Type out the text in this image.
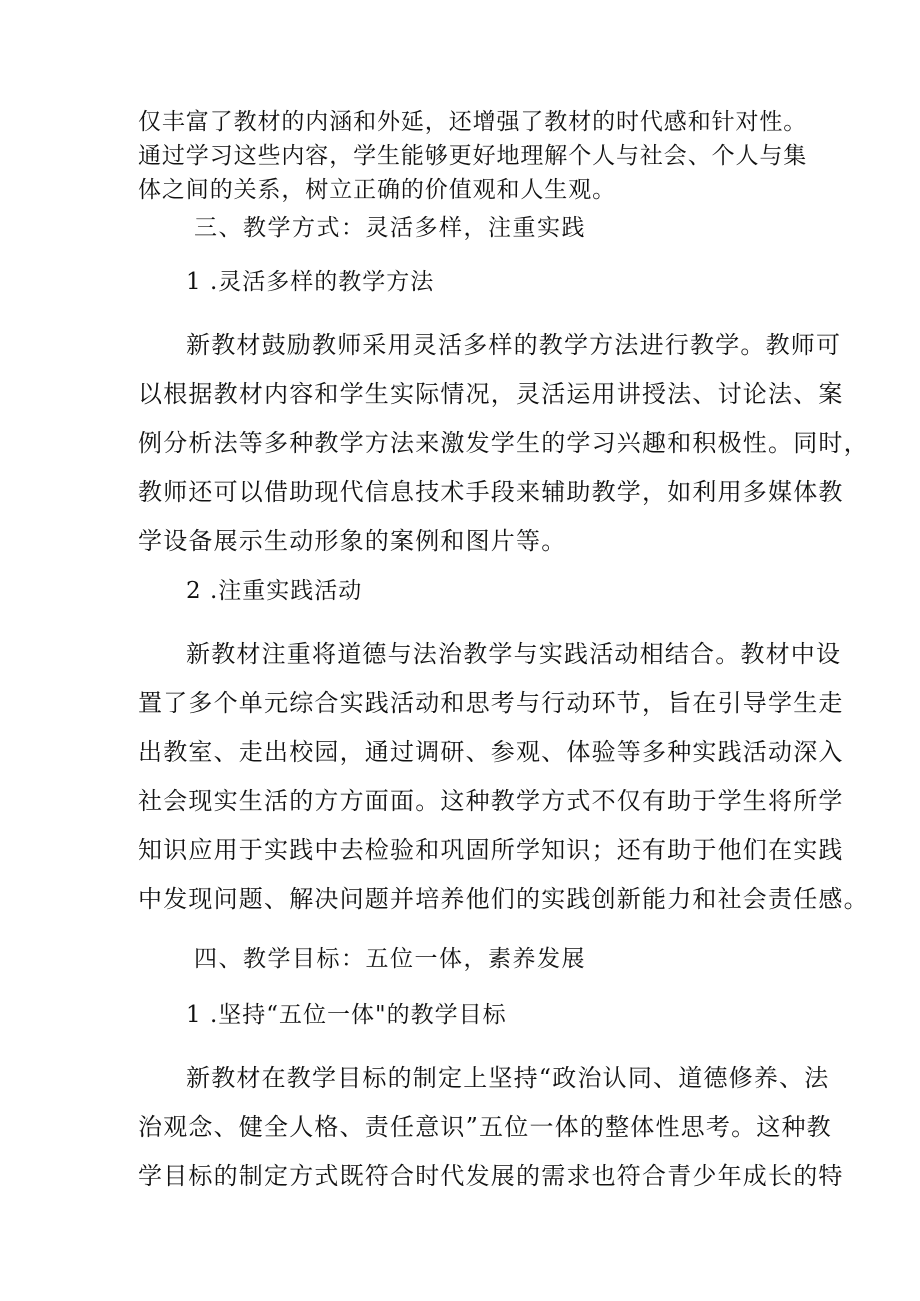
仅丰富了教材的内涵和外延，还增强了教材的时代感和针对性。
通过学习这些内容，学生能够更好地理解个人与社会、个人与集
体之间的关系，树立正确的价值观和人生观。
三、教学方式：灵活多样，注重实践
1 .灵活多样的教学方法
新教材鼓励教师采用灵活多样的教学方法进行教学。教师可
以根据教材内容和学生实际情况，灵活运用讲授法、讨论法、案
例分析法等多种教学方法来激发学生的学习兴趣和积极性。同时，
教师还可以借助现代信息技术手段来辅助教学，如利用多媒体教
学设备展示生动形象的案例和图片等。
2 .注重实践活动
新教材注重将道德与法治教学与实践活动相结合。教材中设
置了多个单元综合实践活动和思考与行动环节，旨在引导学生走
出教室、走出校园，通过调研、参观、体验等多种实践活动深入
社会现实生活的方方面面。这种教学方式不仅有助于学生将所学
知识应用于实践中去检验和巩固所学知识；还有助于他们在实践
中发现问题、解决问题并培养他们的实践创新能力和社会责任感。
四、教学目标：五位一体，素养发展
1 .坚持“五位一体"的教学目标
新教材在教学目标的制定上坚持“政治认同、道德修养、法
治观念、健全人格、责任意识”五位一体的整体性思考。这种教
学目标的制定方式既符合时代发展的需求也符合青少年成长的特
